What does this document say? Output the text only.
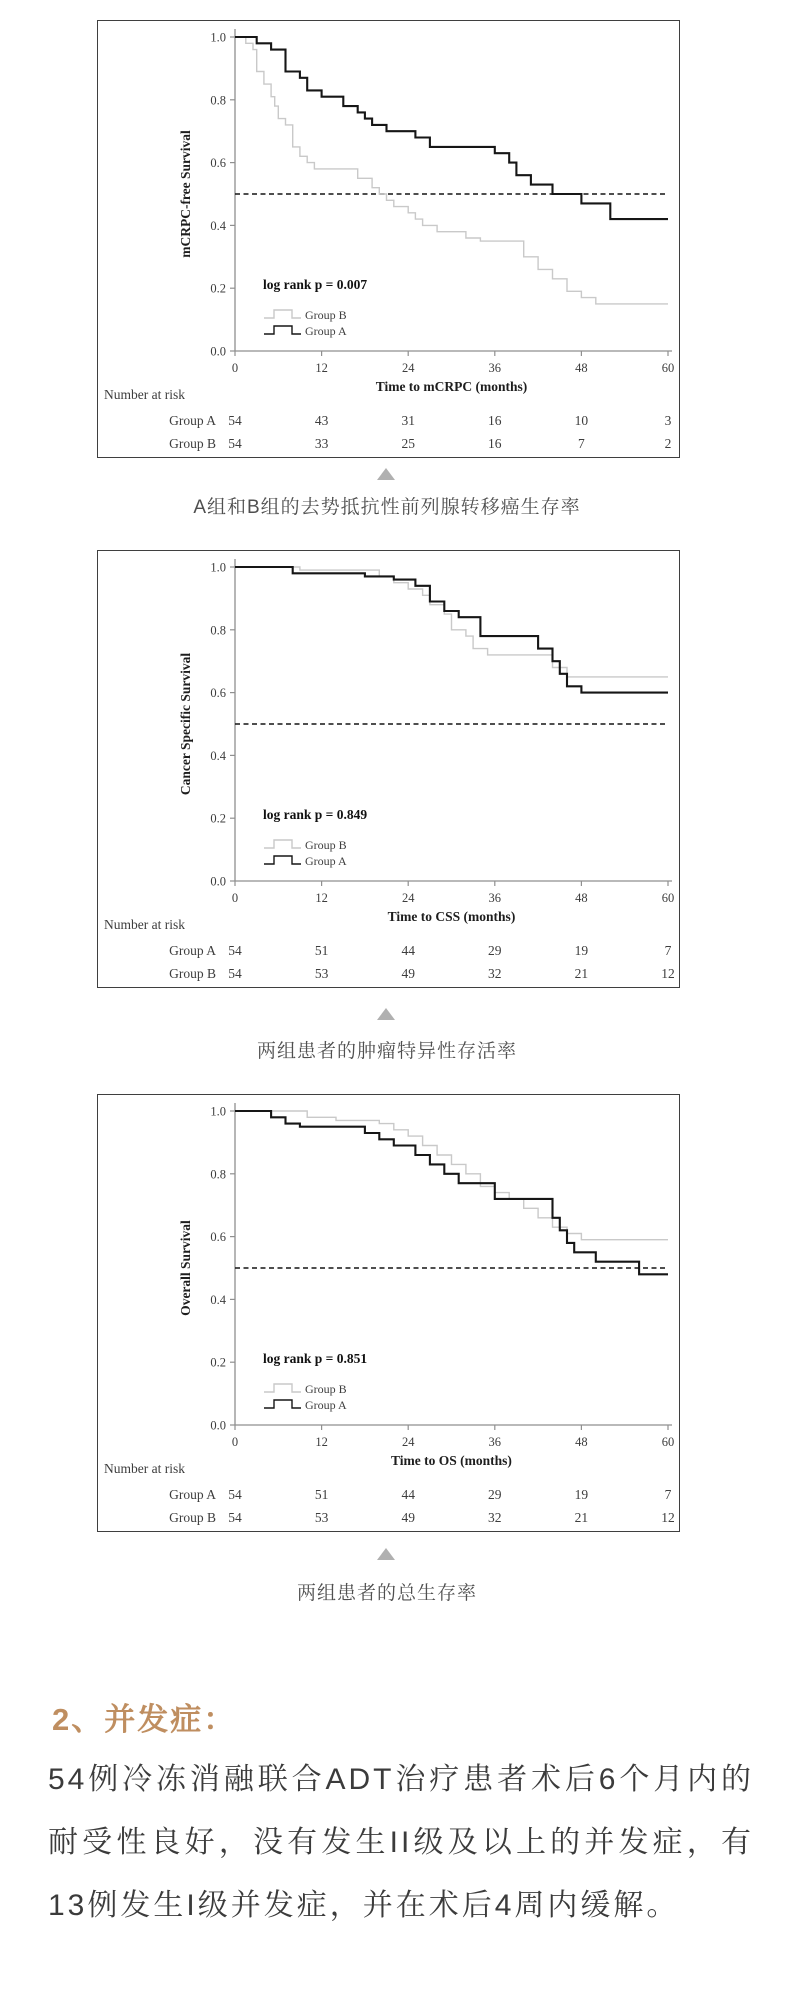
0.0
0.2
0.4
0.6
0.8
1.0
0	12	24	36	48	60
mCRPC-free Survival
Time to mCRPC (months)
log rank p = 0.007
Group B
Group A
Number at risk
Group A 54	43	31	16	10	3
Group B 54	33	25	16	7	2
A组和B组的去势抵抗性前列腺转移癌生存率
0.0
0.2
0.4
0.6
0.8
1.0
0	12	24	36	48	60
Cancer Specific Survival
Time to CSS (months)
log rank p = 0.849
Group B
Group A
Number at risk
Group A 54	51	44	29	19	7
Group B 54	53	49	32	21	12
两组患者的肿瘤特异性存活率
0.0
0.2
0.4
0.6
0.8
1.0
0	12	24	36	48	60
Overall Survival
Time to OS (months)
log rank p = 0.851
Group B
Group A
Number at risk
Group A 54	51	44	29	19	7
Group B 54	53	49	32	21	12
两组患者的总生存率
2、并发症：
54例冷冻消融联合ADT治疗患者术后6个月内的耐受性良好，没有发生II级及以上的并发症，有13例发生I级并发症，并在术后4周内缓解。
